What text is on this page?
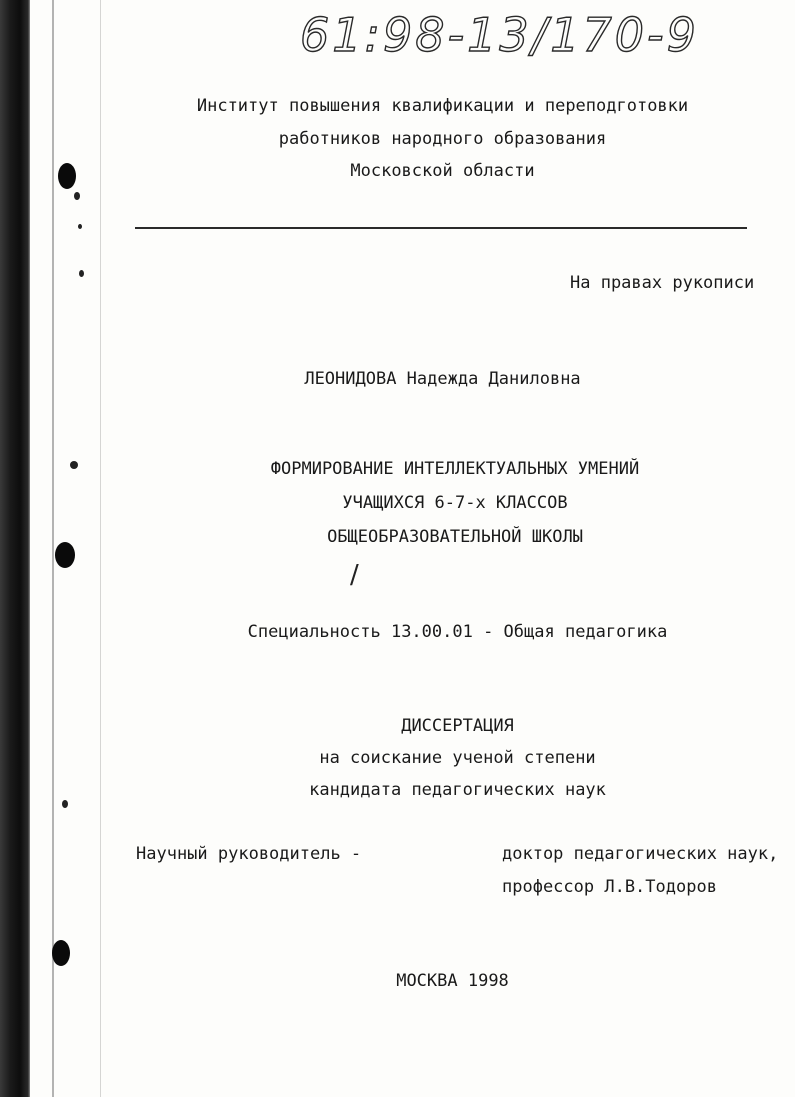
61:98-13/170-9
Институт повышения квалификации и переподготовки
работников народного образования
Московской области
На правах рукописи
ЛЕОНИДОВА Надежда Даниловна
ФОРМИРОВАНИЕ ИНТЕЛЛЕКТУАЛЬНЫХ УМЕНИЙ
УЧАЩИХСЯ 6-7-х КЛАССОВ
ОБЩЕОБРАЗОВАТЕЛЬНОЙ ШКОЛЫ
/
Специальность 13.00.01 - Общая педагогика
ДИССЕРТАЦИЯ
на соискание ученой степени
кандидата педагогических наук
Научный руководитель -	доктор педагогических наук,
профессор Л.В.Тодоров
МОСКВА 1998
